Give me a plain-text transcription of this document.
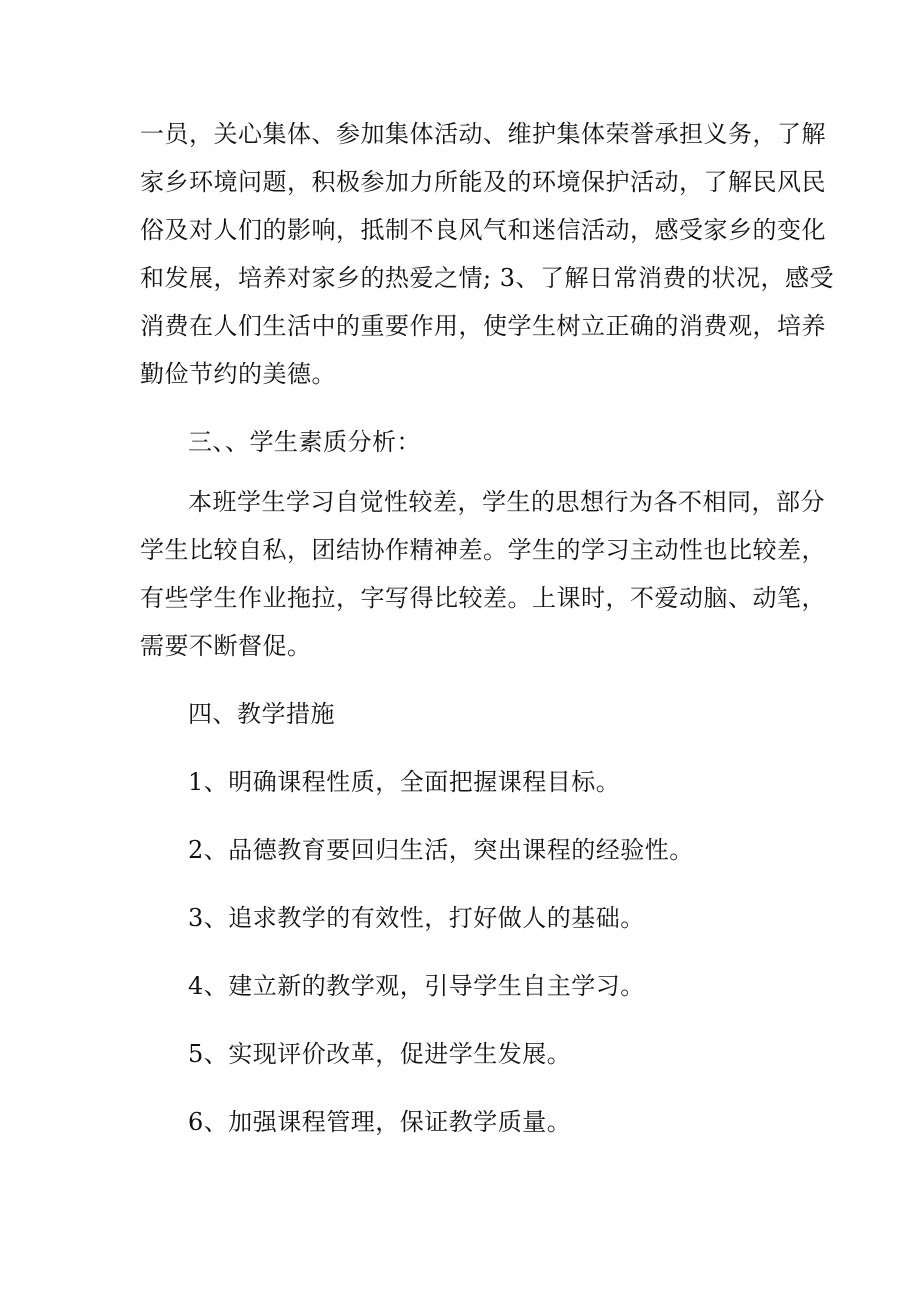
一员，关心集体、参加集体活动、维护集体荣誉承担义务，了解
家乡环境问题，积极参加力所能及的环境保护活动，了解民风民
俗及对人们的影响，抵制不良风气和迷信活动，感受家乡的变化
和发展，培养对家乡的热爱之情; 3、了解日常消费的状况，感受
消费在人们生活中的重要作用，使学生树立正确的消费观，培养
勤俭节约的美德。
三、、学生素质分析：
本班学生学习自觉性较差，学生的思想行为各不相同，部分
学生比较自私，团结协作精神差。学生的学习主动性也比较差，
有些学生作业拖拉，字写得比较差。上课时，不爱动脑、动笔，
需要不断督促。
四、教学措施
1、明确课程性质，全面把握课程目标。
2、品德教育要回归生活，突出课程的经验性。
3、追求教学的有效性，打好做人的基础。
4、建立新的教学观，引导学生自主学习。
5、实现评价改革，促进学生发展。
6、加强课程管理，保证教学质量。
